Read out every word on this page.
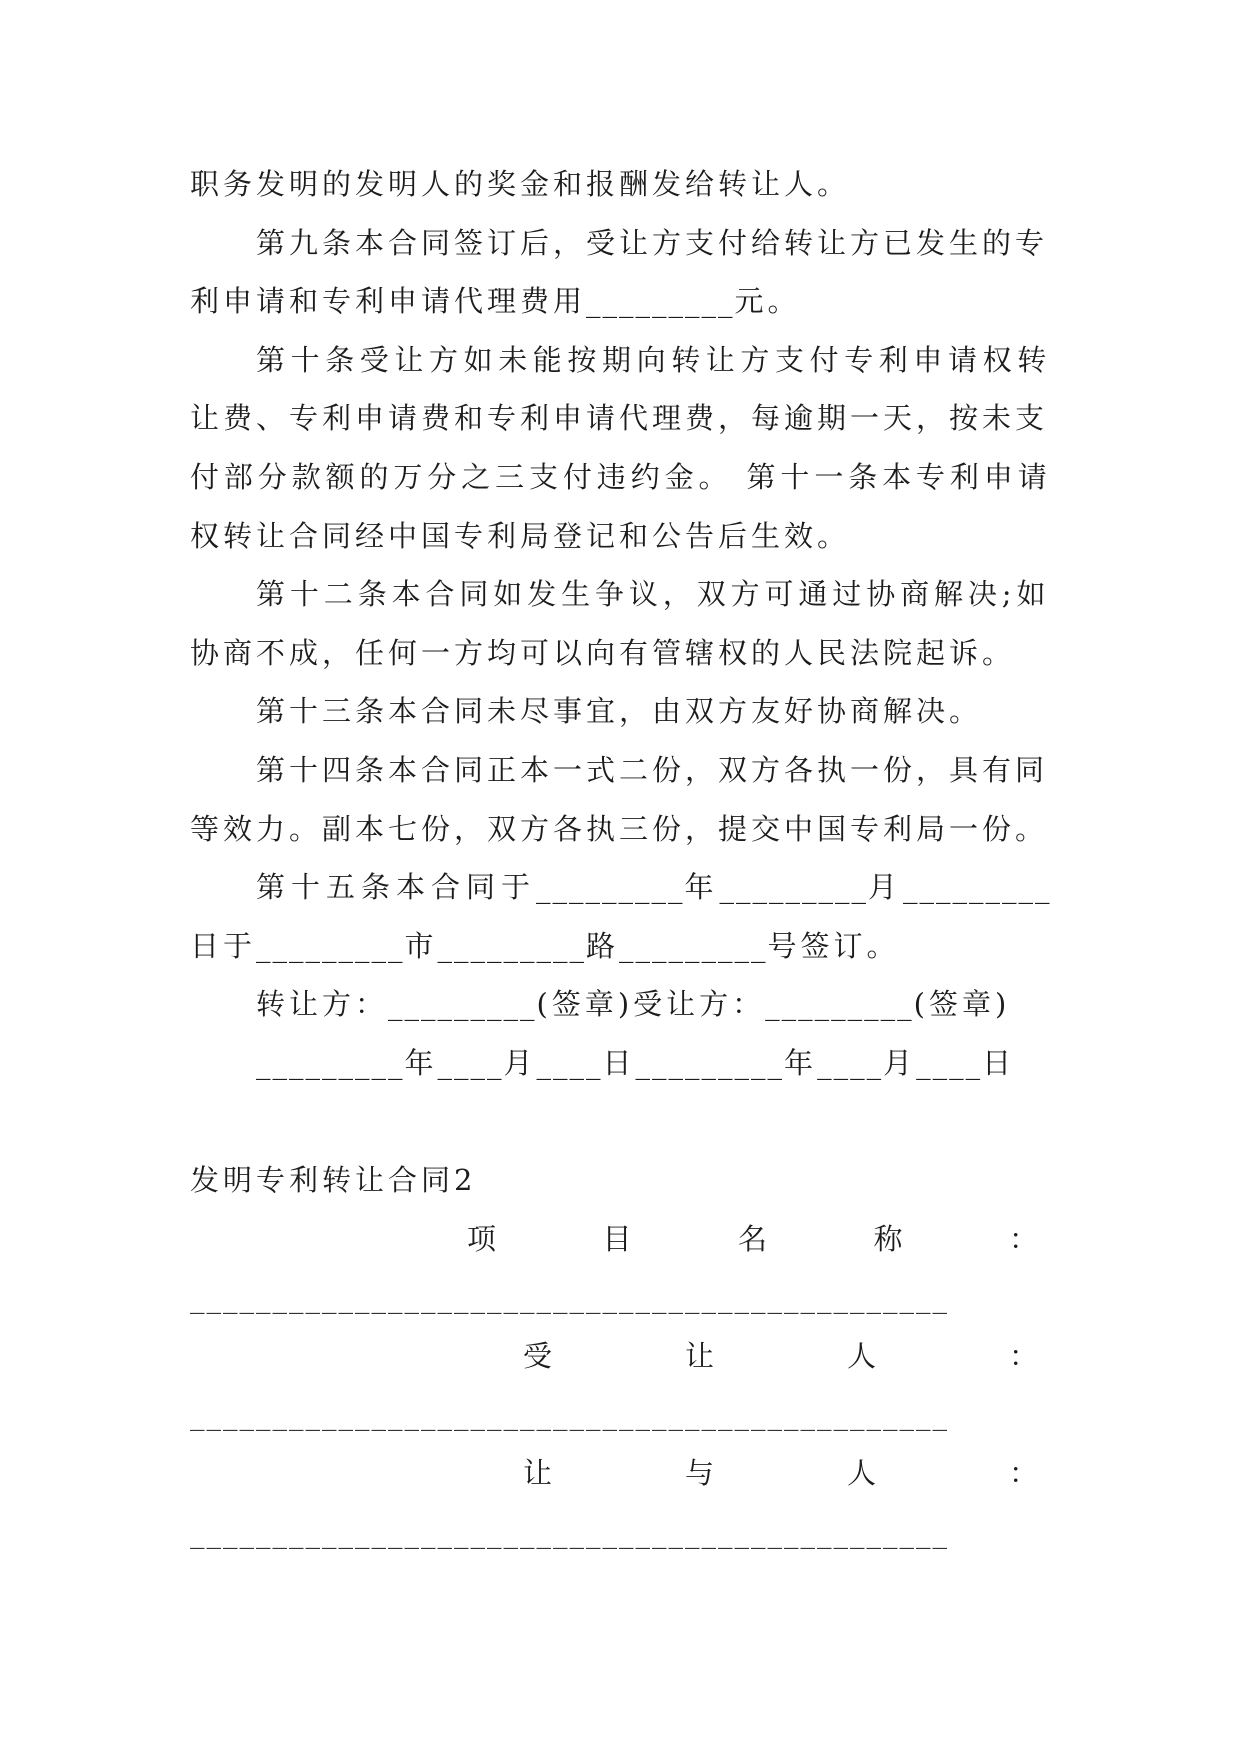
职务发明的发明人的奖金和报酬发给转让人。
第九条本合同签订后，受让方支付给转让方已发生的专
利申请和专利申请代理费用_________元。
第十条受让方如未能按期向转让方支付专利申请权转
让费、专利申请费和专利申请代理费，每逾期一天，按未支
付部分款额的万分之三支付违约金。 第十一条本专利申请
权转让合同经中国专利局登记和公告后生效。
第十二条本合同如发生争议，双方可通过协商解决;如
协商不成，任何一方均可以向有管辖权的人民法院起诉。
第十三条本合同未尽事宜，由双方友好协商解决。
第十四条本合同正本一式二份，双方各执一份，具有同
等效力。副本七份，双方各执三份，提交中国专利局一份。
第十五条本合同于_________年_________月_________
日于_________市_________路_________号签订。
转让方：_________(签章)受让方：_________(签章)
_________年____月____日_________年____月____日
发明专利转让合同2
项	目	名	称	：
______________________________________________
受	让	人	：
______________________________________________
让	与	人	：
______________________________________________
